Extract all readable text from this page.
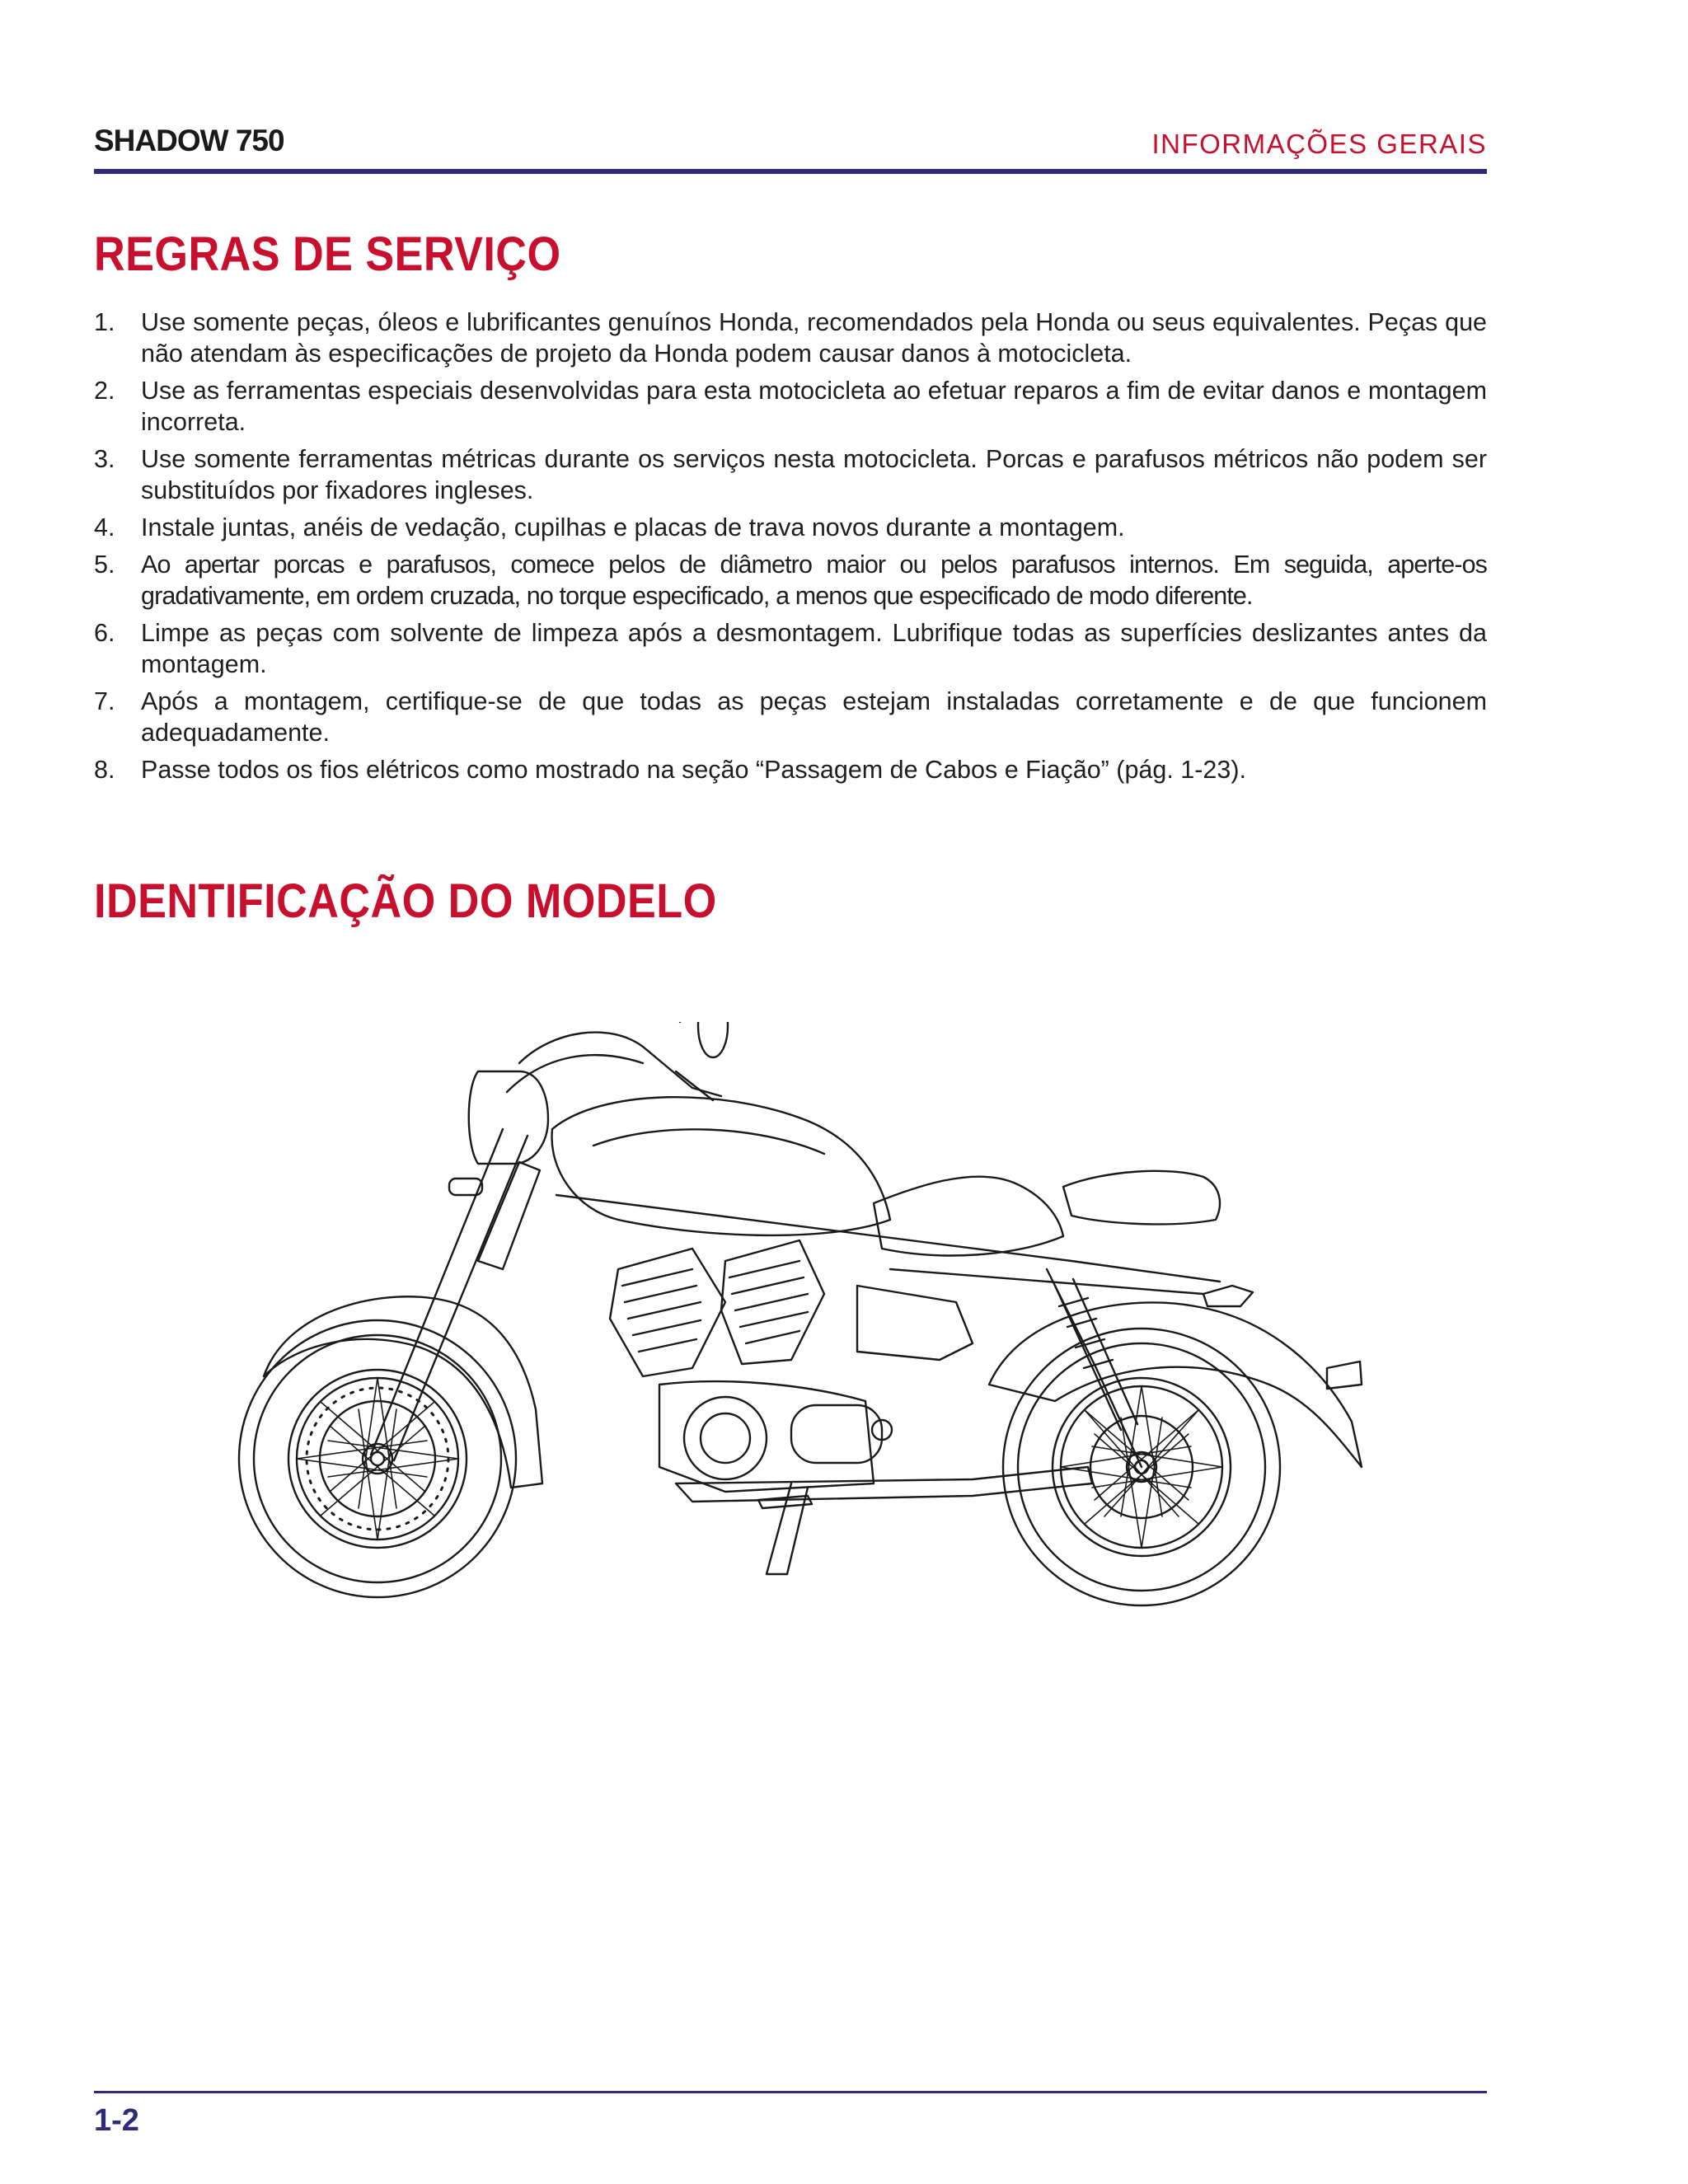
SHADOW 750	INFORMAÇÕES GERAIS
REGRAS DE SERVIÇO
1. Use somente peças, óleos e lubrificantes genuínos Honda, recomendados pela Honda ou seus equivalentes. Peças que não atendam às especificações de projeto da Honda podem causar danos à motocicleta.
2. Use as ferramentas especiais desenvolvidas para esta motocicleta ao efetuar reparos a fim de evitar danos e montagem incorreta.
3. Use somente ferramentas métricas durante os serviços nesta motocicleta. Porcas e parafusos métricos não podem ser substituídos por fixadores ingleses.
4. Instale juntas, anéis de vedação, cupilhas e placas de trava novos durante a montagem.
5. Ao apertar porcas e parafusos, comece pelos de diâmetro maior ou pelos parafusos internos. Em seguida, aperte-os gradativamente, em ordem cruzada, no torque especificado, a menos que especificado de modo diferente.
6. Limpe as peças com solvente de limpeza após a desmontagem. Lubrifique todas as superfícies deslizantes antes da montagem.
7. Após a montagem, certifique-se de que todas as peças estejam instaladas corretamente e de que funcionem adequadamente.
8. Passe todos os fios elétricos como mostrado na seção “Passagem de Cabos e Fiação” (pág. 1-23).
IDENTIFICAÇÃO DO MODELO
1-2
